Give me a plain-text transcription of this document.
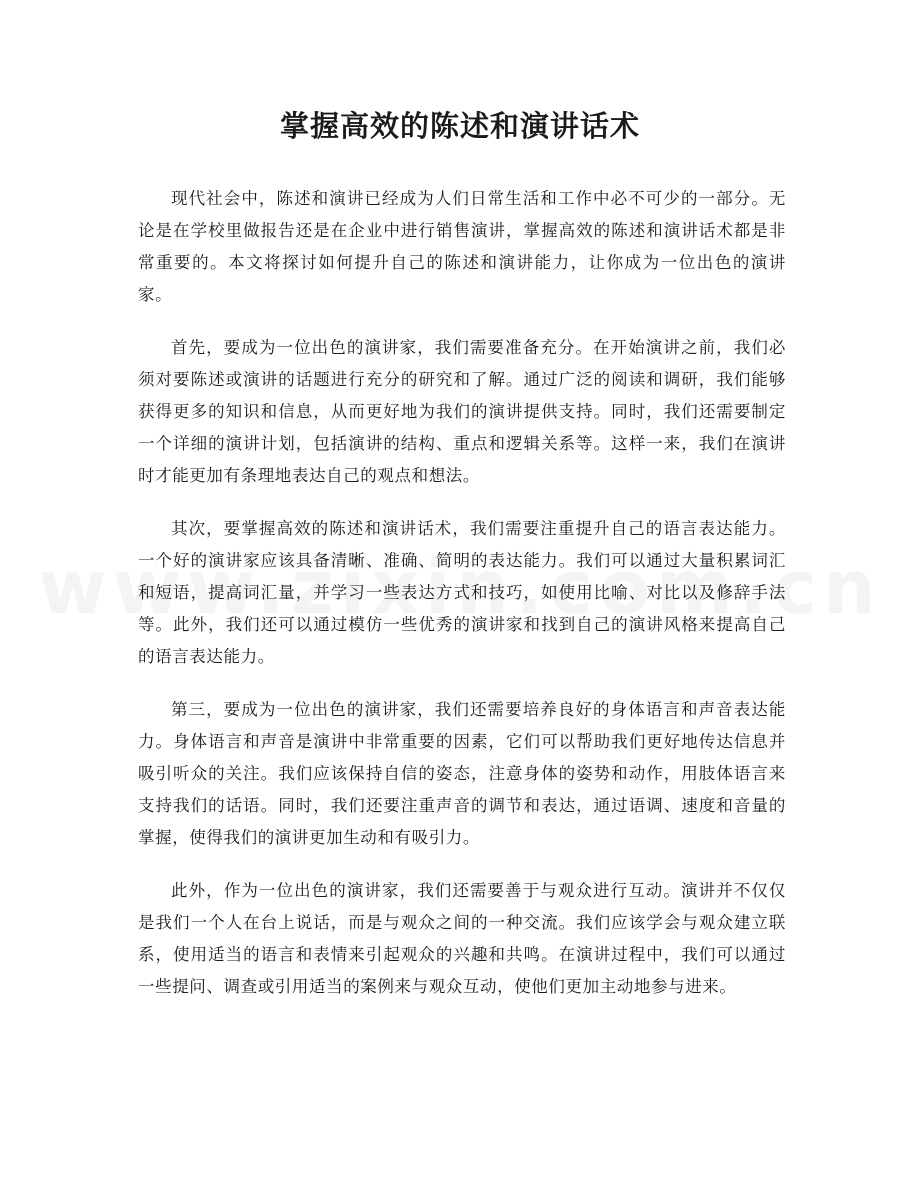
掌握高效的陈述和演讲话术

现代社会中，陈述和演讲已经成为人们日常生活和工作中必不可少的一部分。无论是在学校里做报告还是在企业中进行销售演讲，掌握高效的陈述和演讲话术都是非常重要的。本文将探讨如何提升自己的陈述和演讲能力，让你成为一位出色的演讲家。

首先，要成为一位出色的演讲家，我们需要准备充分。在开始演讲之前，我们必须对要陈述或演讲的话题进行充分的研究和了解。通过广泛的阅读和调研，我们能够获得更多的知识和信息，从而更好地为我们的演讲提供支持。同时，我们还需要制定一个详细的演讲计划，包括演讲的结构、重点和逻辑关系等。这样一来，我们在演讲时才能更加有条理地表达自己的观点和想法。

其次，要掌握高效的陈述和演讲话术，我们需要注重提升自己的语言表达能力。一个好的演讲家应该具备清晰、准确、简明的表达能力。我们可以通过大量积累词汇和短语，提高词汇量，并学习一些表达方式和技巧，如使用比喻、对比以及修辞手法等。此外，我们还可以通过模仿一些优秀的演讲家和找到自己的演讲风格来提高自己的语言表达能力。

第三，要成为一位出色的演讲家，我们还需要培养良好的身体语言和声音表达能力。身体语言和声音是演讲中非常重要的因素，它们可以帮助我们更好地传达信息并吸引听众的关注。我们应该保持自信的姿态，注意身体的姿势和动作，用肢体语言来支持我们的话语。同时，我们还要注重声音的调节和表达，通过语调、速度和音量的掌握，使得我们的演讲更加生动和有吸引力。

此外，作为一位出色的演讲家，我们还需要善于与观众进行互动。演讲并不仅仅是我们一个人在台上说话，而是与观众之间的一种交流。我们应该学会与观众建立联系，使用适当的语言和表情来引起观众的兴趣和共鸣。在演讲过程中，我们可以通过一些提问、调查或引用适当的案例来与观众互动，使他们更加主动地参与进来。
